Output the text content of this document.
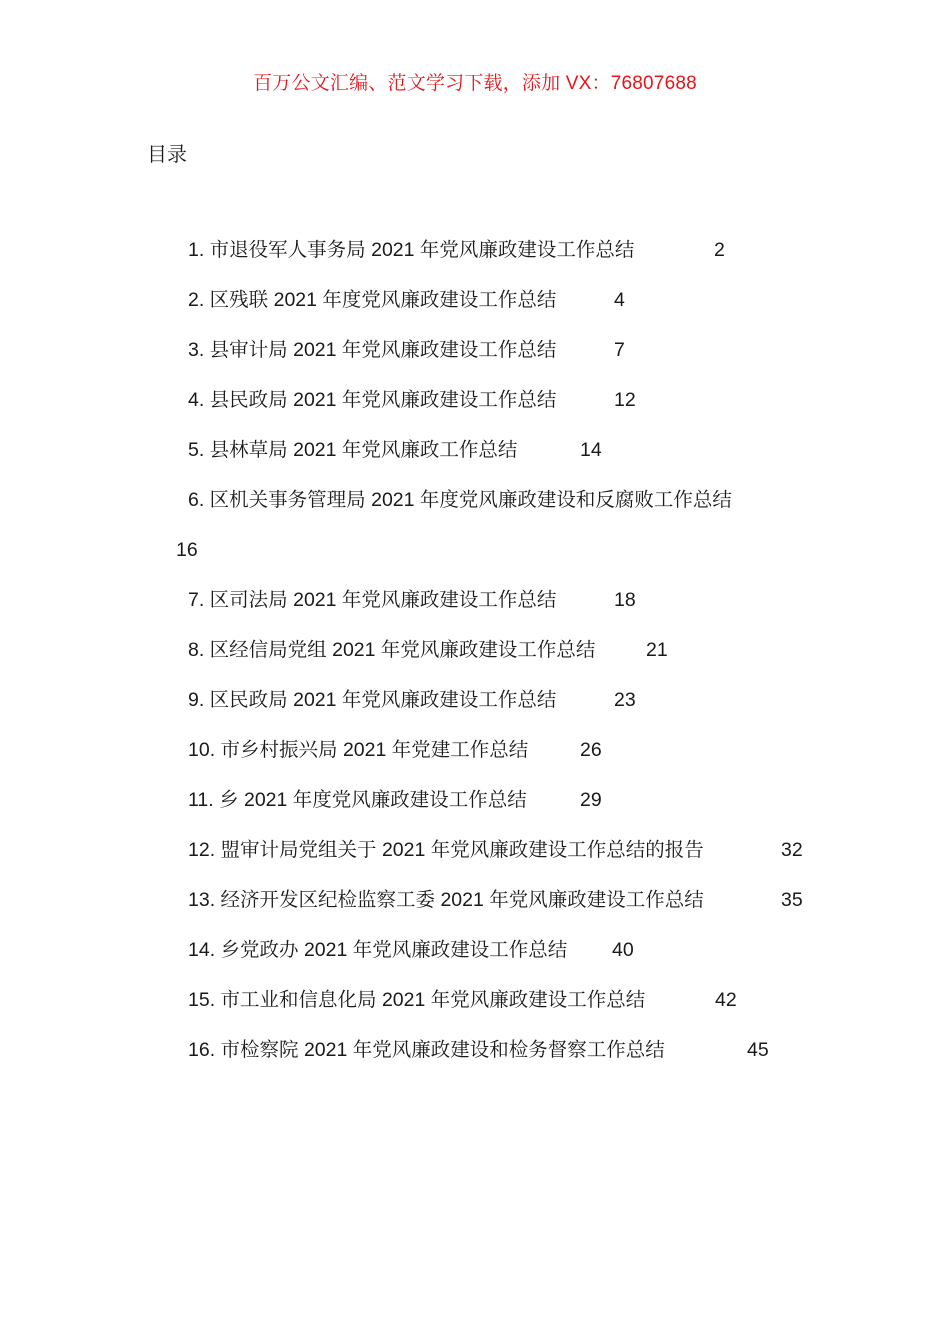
百万公文汇编、范文学习下载，添加 VX：76807688
目录
1. 市退役军人事务局 2021 年党风廉政建设工作总结	2
2. 区残联 2021 年度党风廉政建设工作总结	4
3. 县审计局 2021 年党风廉政建设工作总结	7
4. 县民政局 2021 年党风廉政建设工作总结	12
5. 县林草局 2021 年党风廉政工作总结	14
6. 区机关事务管理局 2021 年度党风廉政建设和反腐败工作总结
16
7. 区司法局 2021 年党风廉政建设工作总结	18
8. 区经信局党组 2021 年党风廉政建设工作总结	21
9. 区民政局 2021 年党风廉政建设工作总结	23
10. 市乡村振兴局 2021 年党建工作总结	26
11. 乡 2021 年度党风廉政建设工作总结	29
12. 盟审计局党组关于 2021 年党风廉政建设工作总结的报告	32
13. 经济开发区纪检监察工委 2021 年党风廉政建设工作总结	35
14. 乡党政办 2021 年党风廉政建设工作总结 40
15. 市工业和信息化局 2021 年党风廉政建设工作总结	42
16. 市检察院 2021 年党风廉政建设和检务督察工作总结	45
